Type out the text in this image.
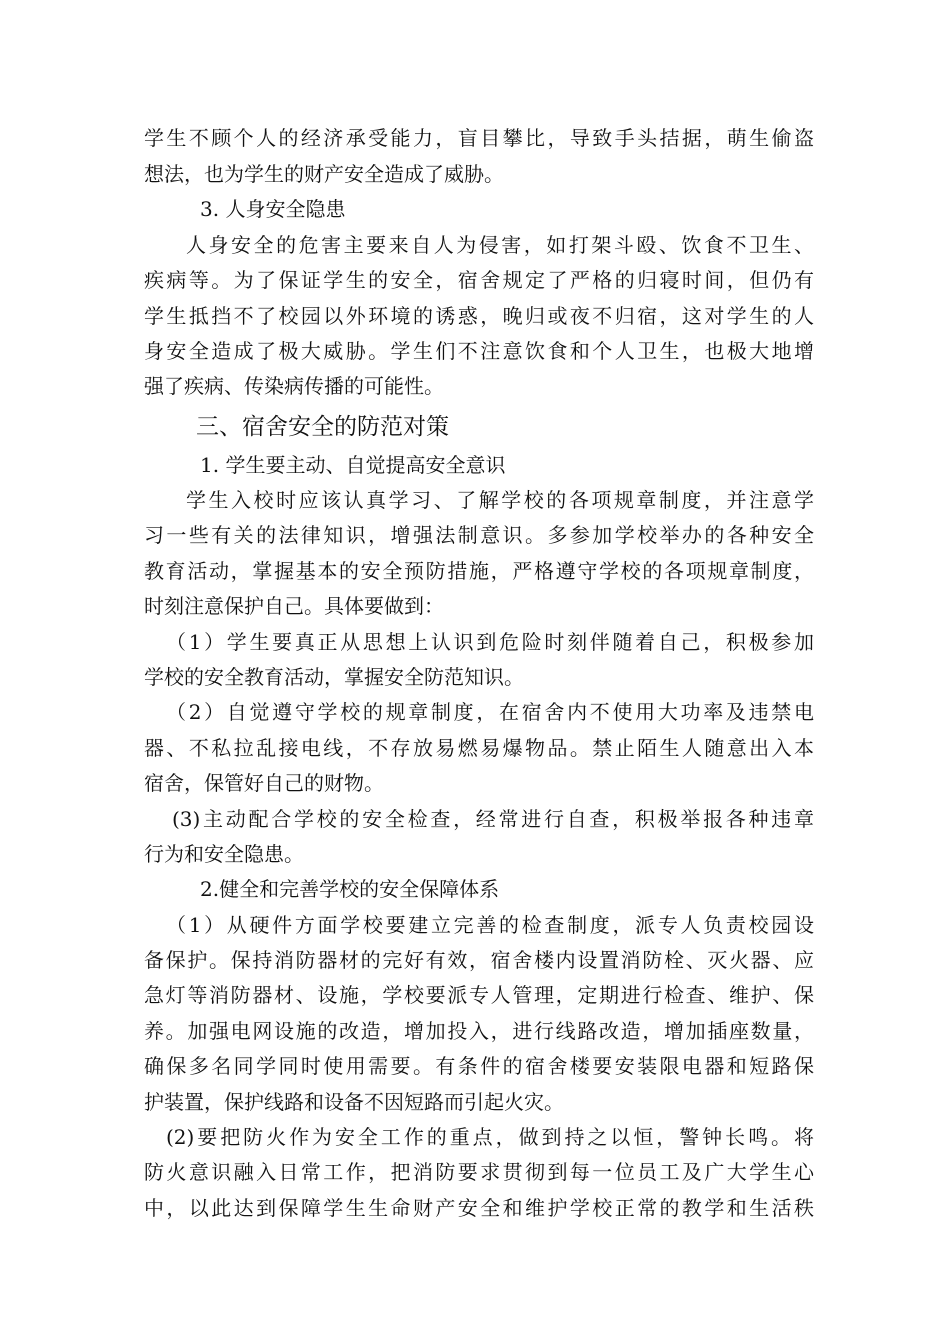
学生不顾个人的经济承受能力，盲目攀比，导致手头拮据，萌生偷盗
想法，也为学生的财产安全造成了威胁。
3. 人身安全隐患
人身安全的危害主要来自人为侵害，如打架斗殴、饮食不卫生、
疾病等。为了保证学生的安全，宿舍规定了严格的归寝时间，但仍有
学生抵挡不了校园以外环境的诱惑，晚归或夜不归宿，这对学生的人
身安全造成了极大威胁。学生们不注意饮食和个人卫生，也极大地增
强了疾病、传染病传播的可能性。
三、宿舍安全的防范对策
1. 学生要主动、自觉提高安全意识
学生入校时应该认真学习、了解学校的各项规章制度，并注意学
习一些有关的法律知识，增强法制意识。多参加学校举办的各种安全
教育活动，掌握基本的安全预防措施，严格遵守学校的各项规章制度，
时刻注意保护自己。具体要做到：
（1）学生要真正从思想上认识到危险时刻伴随着自己，积极参加
学校的安全教育活动，掌握安全防范知识。
（2）自觉遵守学校的规章制度，在宿舍内不使用大功率及违禁电
器、不私拉乱接电线，不存放易燃易爆物品。禁止陌生人随意出入本
宿舍，保管好自己的财物。
(3)主动配合学校的安全检查，经常进行自查，积极举报各种违章
行为和安全隐患。
2.健全和完善学校的安全保障体系
（1）从硬件方面学校要建立完善的检查制度，派专人负责校园设
备保护。保持消防器材的完好有效，宿舍楼内设置消防栓、灭火器、应
急灯等消防器材、设施，学校要派专人管理，定期进行检查、维护、保
养。加强电网设施的改造，增加投入，进行线路改造，增加插座数量，
确保多名同学同时使用需要。有条件的宿舍楼要安装限电器和短路保
护装置，保护线路和设备不因短路而引起火灾。
(2)要把防火作为安全工作的重点，做到持之以恒，警钟长鸣。将
防火意识融入日常工作，把消防要求贯彻到每一位员工及广大学生心
中，以此达到保障学生生命财产安全和维护学校正常的教学和生活秩
